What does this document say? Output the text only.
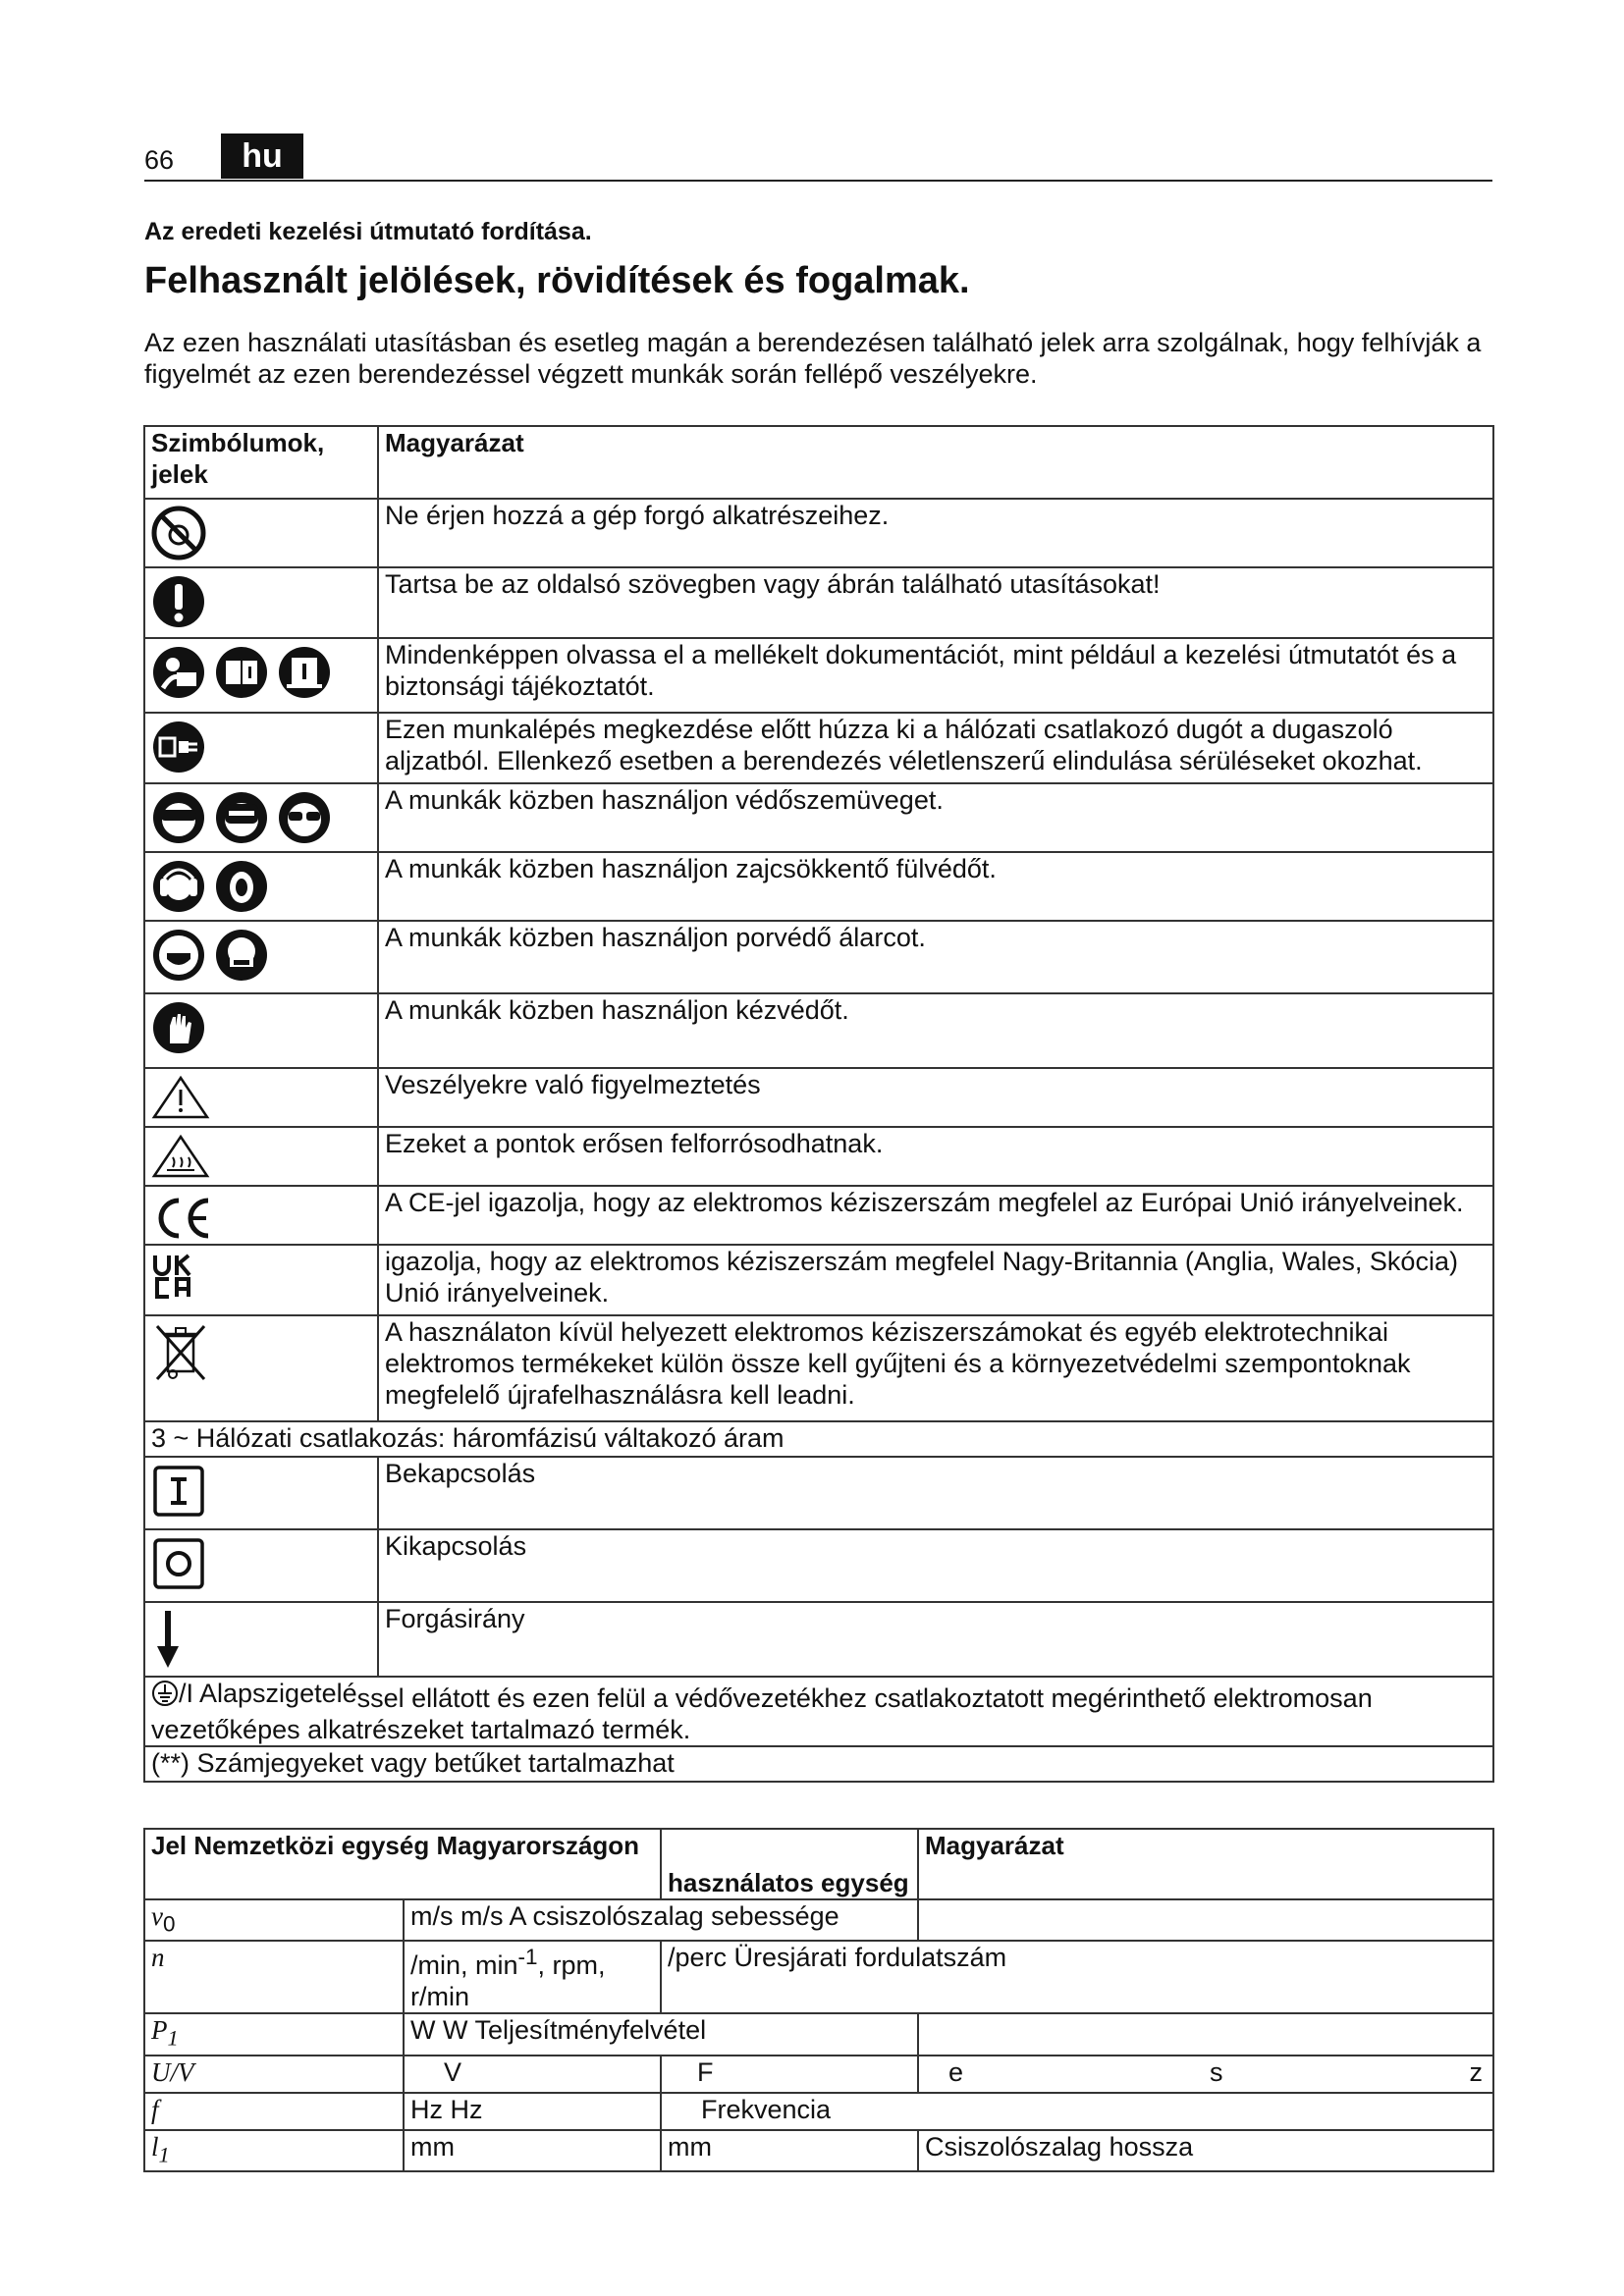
66	hu
Az eredeti kezelési útmutató fordítása.
Felhasznált jelölések, rövidítések és fogalmak.
Az ezen használati utasításban és esetleg magán a berendezésen található jelek arra szolgálnak, hogy felhívják a figyelmét az ezen berendezéssel végzett munkák során fellépő veszélyekre.
Szimbólumok, jelek	Magyarázat

	Ne érjen hozzá a gép forgó alkatrészeihez.

	Tartsa be az oldalsó szövegben vagy ábrán található utasításokat!

	Mindenképpen olvassa el a mellékelt dokumentációt, mint például a kezelési útmutatót és a biztonsági tájékoztatót.

	Ezen munkalépés megkezdése előtt húzza ki a hálózati csatlakozó dugót a dugaszoló aljzatból. Ellenkező esetben a berendezés véletlenszerű elindulása sérüléseket okozhat.

	A munkák közben használjon védőszemüveget.

	A munkák közben használjon zajcsökkentő fülvédőt.

	A munkák közben használjon porvédő álarcot.

	A munkák közben használjon kézvédőt.

	Veszélyekre való figyelmeztetés

	Ezeket a pontok erősen felforrósodhatnak.

	A CE-jel igazolja, hogy az elektromos kéziszerszám megfelel az Európai Unió irányelveinek.

	igazolja, hogy az elektromos kéziszerszám megfelel Nagy-Britannia (Anglia, Wales, Skócia) Unió irányelveinek.

	A használaton kívül helyezett elektromos kéziszerszámokat és egyéb elektrotechnikai elektromos termékeket külön össze kell gyűjteni és a környezetvédelmi szempontoknak megfelelő újrafelhasználásra kell leadni.
3 ~ Hálózati csatlakozás: háromfázisú váltakozó áram	

	Bekapcsolás

	Kikapcsolás

	Forgásirány

/I Alapszigetelé ssel ellátott és ezen felül a védővezetékhez csatlakoztatott megérinthető elektromosan vezetőképes alkatrészeket tartalmazó termék.	
(**) Számjegyeket vagy betűket tartalmazhat	
Jel Nemzetközi egység Magyarországon		használatos egység	Magyarázat
$v_0$	m/s m/s A csiszolószalag sebessége		
n	/min, $\min^{-1}$, rpm, r/min	/perc Üresjárati fordulatszám	
$P_1$	W W Teljesítményfelvétel		
U/V	V	F	e s z
f	Hz Hz	Frekvencia	
$l_1$	mm	mm	Csiszolószalag hossza
